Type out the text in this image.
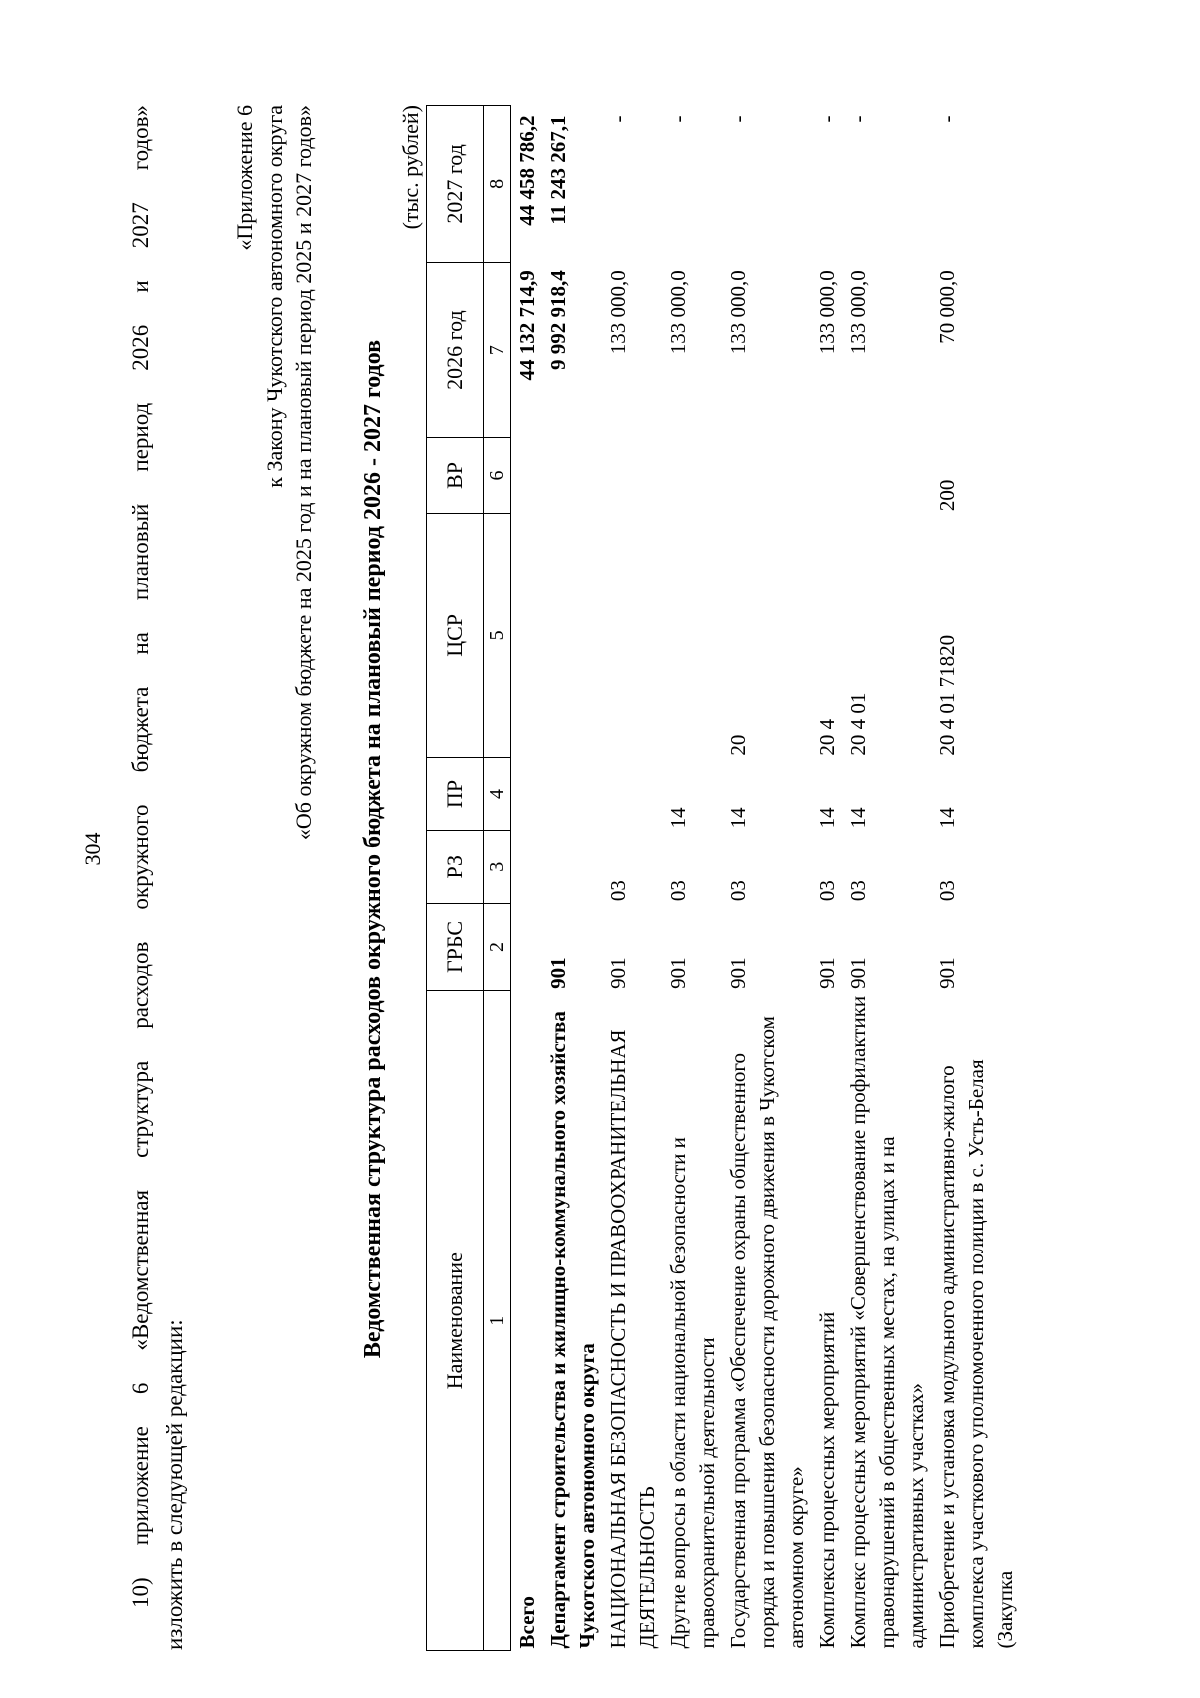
304 10) приложение 6 «Ведомственная структура расходов окружного бюджета на плановый период 2026 и 2027 годов» изложить в следующей редакции:
«Приложение 6 к Закону Чукотского автономного округа «Об окружном бюджете на 2025 год и на плановый период 2025 и 2027 годов» Ведомственная структура расходов окружного бюджета на плановый период 2026 - 2027 годов
(тыс. рублей)
Наименование	ГРБС	РЗ	ПР	ЦСР	ВР	2026 год	2027 год
1	2	3	4	5	6	7	8
Всего						44 132 714,9	44 458 786,2
Департамент строительства и жилищно-коммунального хозяйства Чукотского автономного округа	901					9 992 918,4	11 243 267,1
НАЦИОНАЛЬНАЯ БЕЗОПАСНОСТЬ И ПРАВООХРАНИТЕЛЬНАЯ ДЕЯТЕЛЬНОСТЬ	901	03				133 000,0	-
Другие вопросы в области национальной безопасности и правоохранительной деятельности	901	03	14			133 000,0	-
Государственная программа «Обеспечение охраны общественного порядка и повышения безопасности дорожного движения в Чукотском автономном округе»	901	03	14	20		133 000,0	-
Комплексы процессных мероприятий	901	03	14	20 4		133 000,0	-
Комплекс процессных мероприятий «Совершенствование профилактики правонарушений в общественных местах, на улицах и на административных участках»	901	03	14	20 4 01		133 000,0	-
Приобретение и установка модульного административно-жилого комплекса участкового уполномоченного полиции в с. Усть-Белая (Закупка	901	03	14	20 4 01 71820	200	70 000,0	-
